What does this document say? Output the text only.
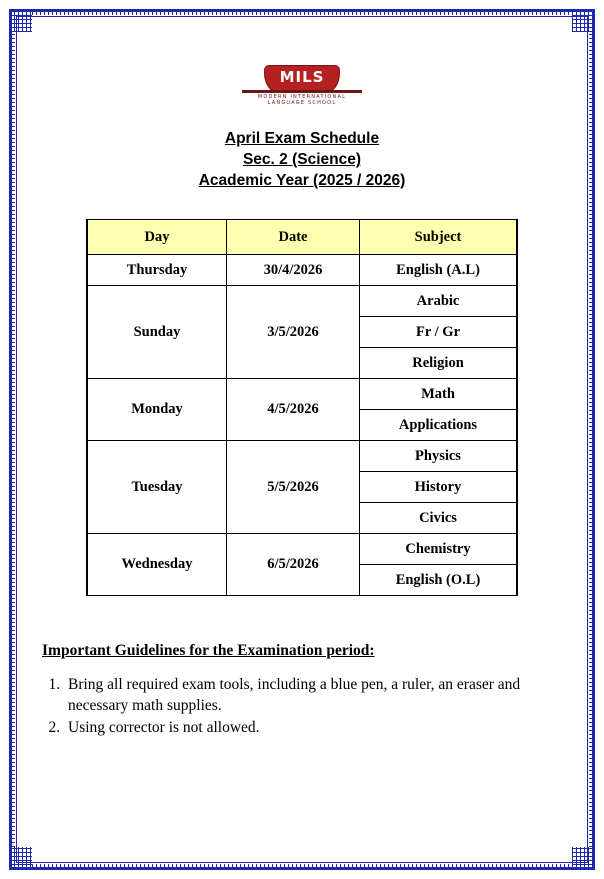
MILS
MODERN INTERNATIONAL LANGUAGE SCHOOL
April Exam Schedule
Sec. 2 (Science)
Academic Year (2025 / 2026)
Day	Date	Subject
Thursday	30/4/2026	English (A.L)
Sunday	3/5/2026	Arabic
		Fr / Gr
		Religion
Monday	4/5/2026	Math
		Applications
Tuesday	5/5/2026	Physics
		History
		Civics
Wednesday	6/5/2026	Chemistry
		English (O.L)
Important Guidelines for the Examination period:
1. Bring all required exam tools, including a blue pen, a ruler, an eraser and necessary math supplies.
2. Using corrector is not allowed.
